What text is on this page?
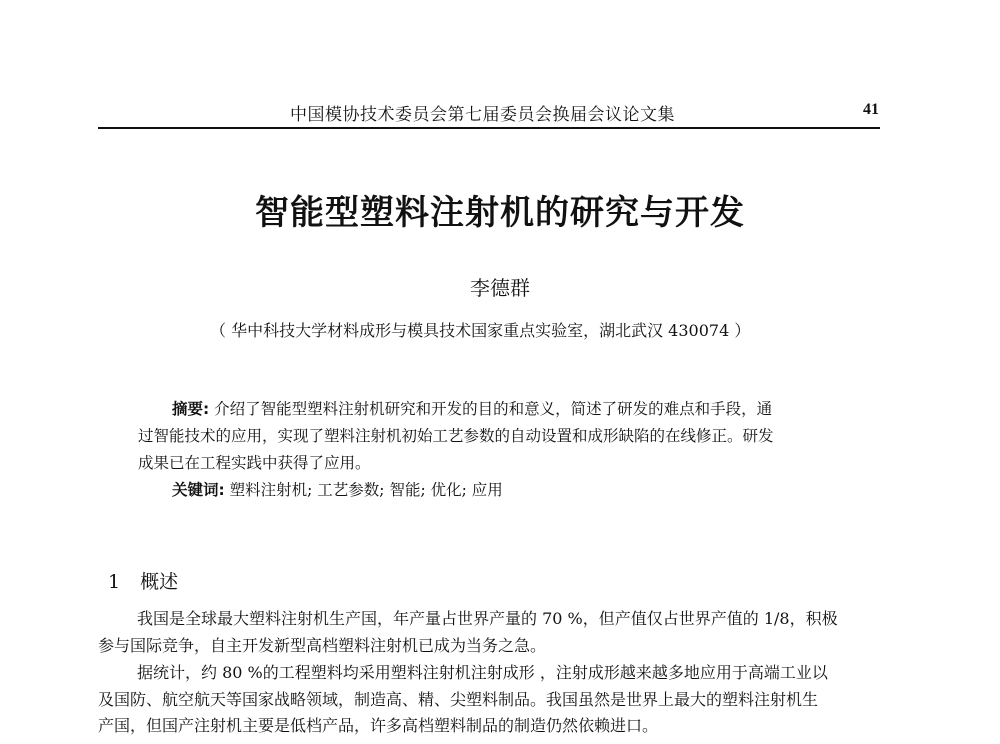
中国模协技术委员会第七届委员会换届会议论文集	41
智能型塑料注射机的研究与开发
李德群
（ 华中科技大学材料成形与模具技术国家重点实验室，湖北武汉 430074 ）
摘要: 介绍了智能型塑料注射机研究和开发的目的和意义，简述了研发的难点和手段，通
过智能技术的应用，实现了塑料注射机初始工艺参数的自动设置和成形缺陷的在线修正。研发
成果已在工程实践中获得了应用。
关键词: 塑料注射机; 工艺参数; 智能; 优化; 应用
1 概述
我国是全球最大塑料注射机生产国，年产量占世界产量的 70 %，但产值仅占世界产值的 1/8，积极
参与国际竞争，自主开发新型高档塑料注射机已成为当务之急。
据统计，约 80 %的工程塑料均采用塑料注射机注射成形 ，注射成形越来越多地应用于高端工业以
及国防、航空航天等国家战略领域，制造高、精、尖塑料制品。我国虽然是世界上最大的塑料注射机生
产国，但国产注射机主要是低档产品，许多高档塑料制品的制造仍然依赖进口。
